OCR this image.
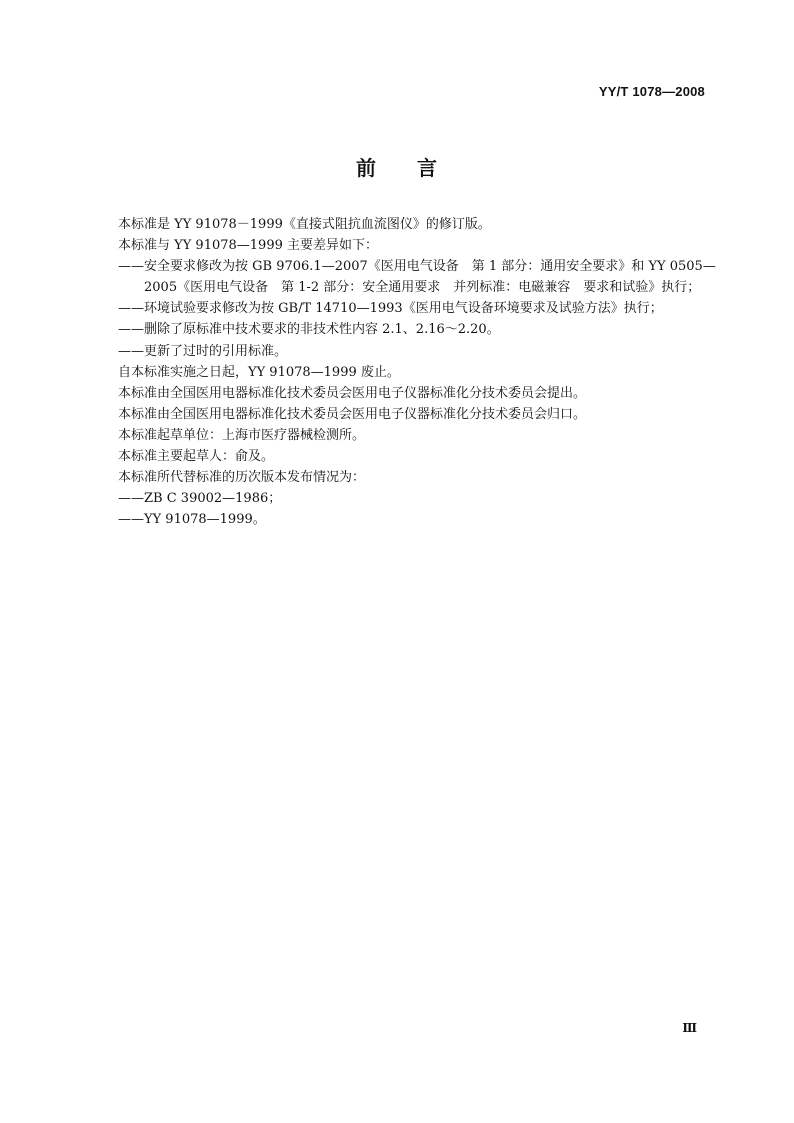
YY/T 1078—2008
前 言
本标准是 YY 91078－1999《直接式阻抗血流图仪》的修订版。
本标准与 YY 91078—1999 主要差异如下：
——安全要求修改为按 GB 9706.1—2007《医用电气设备　第 1 部分：通用安全要求》和 YY 0505—
2005《医用电气设备　第 1-2 部分：安全通用要求　并列标准：电磁兼容　要求和试验》执行；
——环境试验要求修改为按 GB/T 14710—1993《医用电气设备环境要求及试验方法》执行；
——删除了原标准中技术要求的非技术性内容 2.1、2.16～2.20。
——更新了过时的引用标准。
自本标准实施之日起，YY 91078—1999 废止。
本标准由全国医用电器标准化技术委员会医用电子仪器标准化分技术委员会提出。
本标准由全国医用电器标准化技术委员会医用电子仪器标准化分技术委员会归口。
本标准起草单位：上海市医疗器械检测所。
本标准主要起草人：俞及。
本标准所代替标准的历次版本发布情况为：
——ZB C 39002—1986；
——YY 91078—1999。
Ⅲ
